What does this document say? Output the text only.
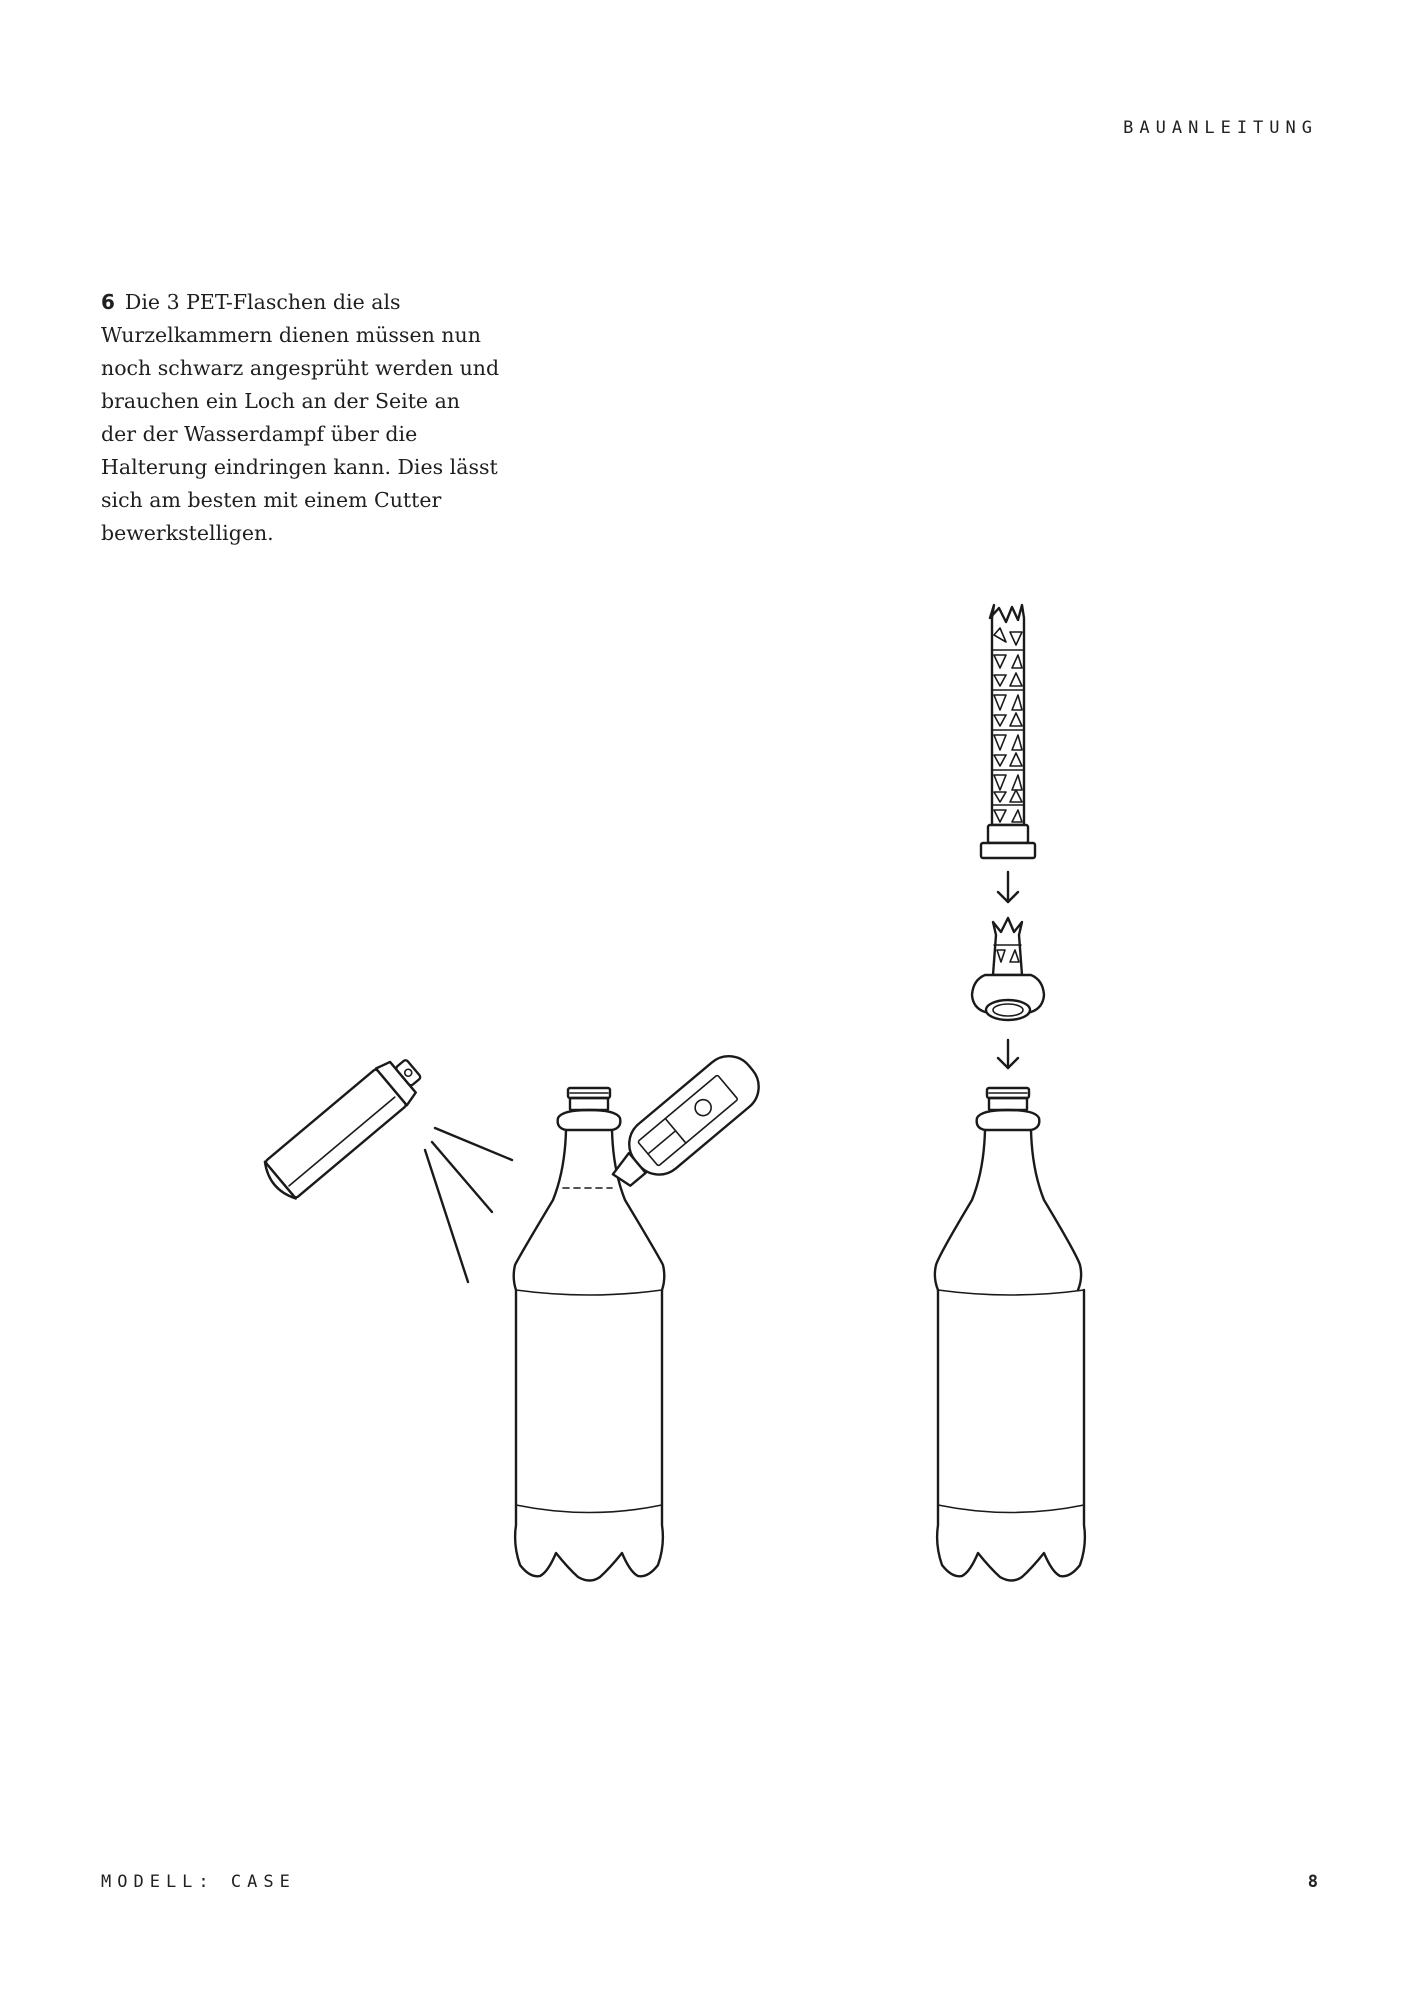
BAUANLEITUNG
6 Die 3 PET-Flaschen die als Wurzelkammern dienen müssen nun noch schwarz angesprüht werden und brauchen ein Loch an der Seite an der der Wasserdampf über die Halterung eindringen kann. Dies lässt sich am besten mit einem Cutter bewerkstelligen.
MODELL: CASE	8
